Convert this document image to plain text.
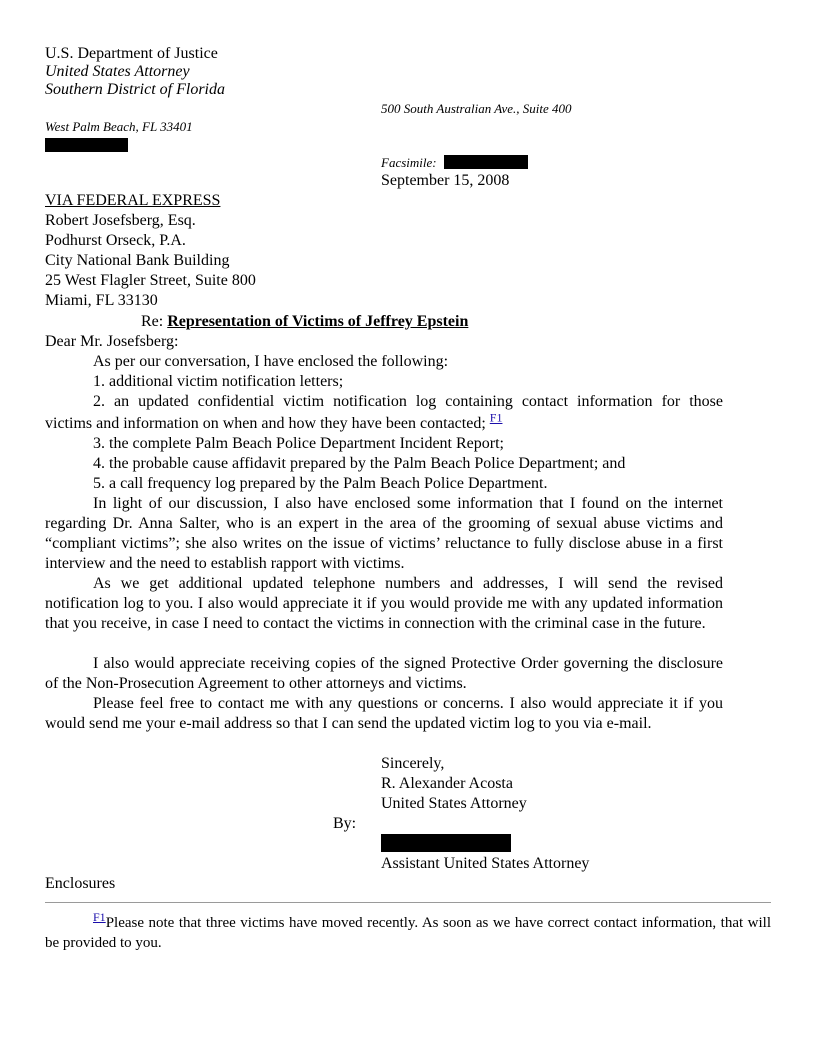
U.S. Department of Justice
United States Attorney
Southern District of Florida
500 South Australian Ave., Suite 400
West Palm Beach, FL 33401
Facsimile:
September 15, 2008
VIA FEDERAL EXPRESS
Robert Josefsberg, Esq.
Podhurst Orseck, P.A.
City National Bank Building
25 West Flagler Street, Suite 800
Miami, FL 33130
Re: Representation of Victims of Jeffrey Epstein
Dear Mr. Josefsberg:
As per our conversation, I have enclosed the following:
1. additional victim notification letters;
2. an updated confidential victim notification log containing contact information for those
victims and information on when and how they have been contacted; $^{F1}$
3. the complete Palm Beach Police Department Incident Report;
4. the probable cause affidavit prepared by the Palm Beach Police Department; and
5. a call frequency log prepared by the Palm Beach Police Department.

In light of our discussion, I also have enclosed some information that I found on the internet regarding Dr. Anna Salter, who is an expert in the area of the grooming of sexual abuse victims and “compliant victims”; she also writes on the issue of victims’ reluctance to fully disclose abuse in a first interview and the need to establish rapport with victims.

As we get additional updated telephone numbers and addresses, I will send the revised notification log to you. I also would appreciate it if you would provide me with any updated information that you receive, in case I need to contact the victims in connection with the criminal case in the future.

I also would appreciate receiving copies of the signed Protective Order governing the disclosure of the Non-Prosecution Agreement to other attorneys and victims.

Please feel free to contact me with any questions or concerns. I also would appreciate it if you would send me your e-mail address so that I can send the updated victim log to you via e-mail.

Sincerely,
R. Alexander Acosta
United States Attorney
By:
Assistant United States Attorney
Enclosures
$^{F1}$Please note that three victims have moved recently. As soon as we have correct contact information, that will be provided to you.
